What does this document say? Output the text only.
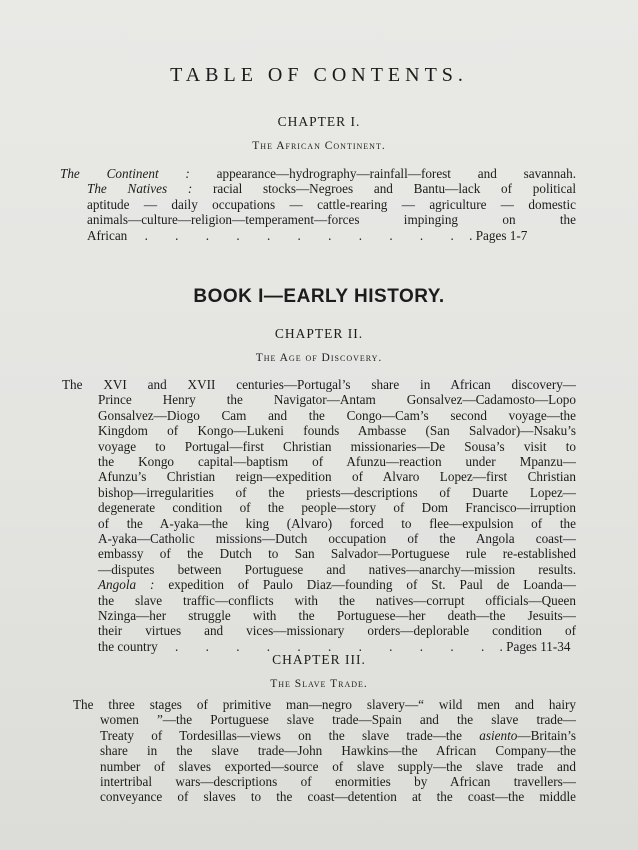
TABLE OF CONTENTS.
CHAPTER I.
The African Continent.
The Continent : appearance—hydrography—rainfall—forest and savannah.
The Natives : racial stocks—Negroes and Bantu—lack of political
aptitude — daily occupations — cattle-rearing — agriculture — domestic
animals—culture—religion—temperament—forces impinging on the
African . . . . . . . . . . . . Pages 1-7
BOOK I—EARLY HISTORY.
CHAPTER II.
The Age of Discovery.
The XVI and XVII centuries—Portugal’s share in African discovery—
Prince Henry the Navigator—Antam Gonsalvez—Cadamosto—Lopo
Gonsalvez—Diogo Cam and the Congo—Cam’s second voyage—the
Kingdom of Kongo—Lukeni founds Ambasse (San Salvador)—Nsaku’s
voyage to Portugal—first Christian missionaries—De Sousa’s visit to
the Kongo capital—baptism of Afunzu—reaction under Mpanzu—
Afunzu’s Christian reign—expedition of Alvaro Lopez—first Christian
bishop—irregularities of the priests—descriptions of Duarte Lopez—
degenerate condition of the people—story of Dom Francisco—irruption
of the A-yaka—the king (Alvaro) forced to flee—expulsion of the
A-yaka—Catholic missions—Dutch occupation of the Angola coast—
embassy of the Dutch to San Salvador—Portuguese rule re-established
—disputes between Portuguese and natives—anarchy—mission results.
Angola : expedition of Paulo Diaz—founding of St. Paul de Loanda—
the slave traffic—conflicts with the natives—corrupt officials—Queen
Nzinga—her struggle with the Portuguese—her death—the Jesuits—
their virtues and vices—missionary orders—deplorable condition of
the country . . . . . . . . . . . . Pages 11-34
CHAPTER III.
The Slave Trade.
The three stages of primitive man—negro slavery—“ wild men and hairy
women ”—the Portuguese slave trade—Spain and the slave trade—
Treaty of Tordesillas—views on the slave trade—the asiento—Britain’s
share in the slave trade—John Hawkins—the African Company—the
number of slaves exported—source of slave supply—the slave trade and
intertribal wars—descriptions of enormities by African travellers—
conveyance of slaves to the coast—detention at the coast—the middle
